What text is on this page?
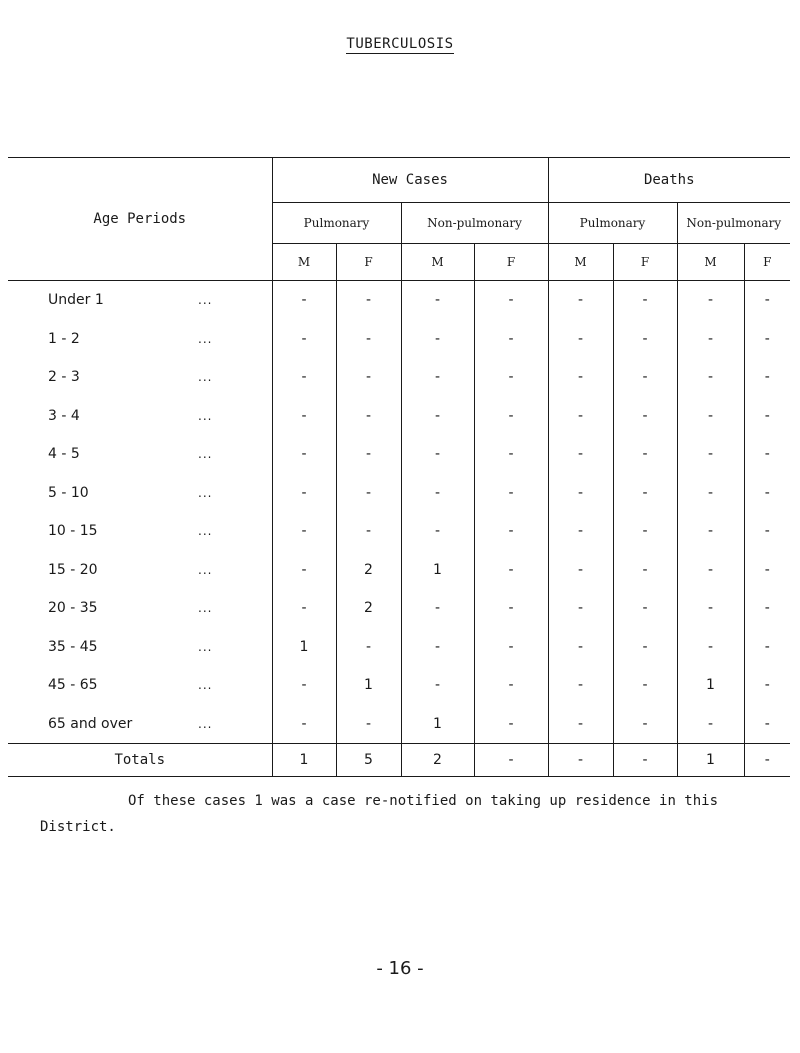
TUBERCULOSIS
Age Periods	New Cases				Deaths			
	Pulmonary		Non-pulmonary		Pulmonary		Non-pulmonary	
	M	F	M	F	M	F	M	F
Under 1 ...	-	-	-	-	-	-	-	-
1 - 2 ...	-	-	-	-	-	-	-	-
2 - 3 ...	-	-	-	-	-	-	-	-
3 - 4 ...	-	-	-	-	-	-	-	-
4 - 5 ...	-	-	-	-	-	-	-	-
5 - 10 ...	-	-	-	-	-	-	-	-
10 - 15 ...	-	-	-	-	-	-	-	-
15 - 20 ...	-	2	1	-	-	-	-	-
20 - 35 ...	-	2	-	-	-	-	-	-
35 - 45 ...	1	-	-	-	-	-	-	-
45 - 65 ...	-	1	-	-	-	-	1	-
65 and over ...	-	-	1	-	-	-	-	-
Totals	1	5	2	-	-	-	1	-
Of these cases 1 was a case re-notified on taking up residence in this
District.
- 16 -
